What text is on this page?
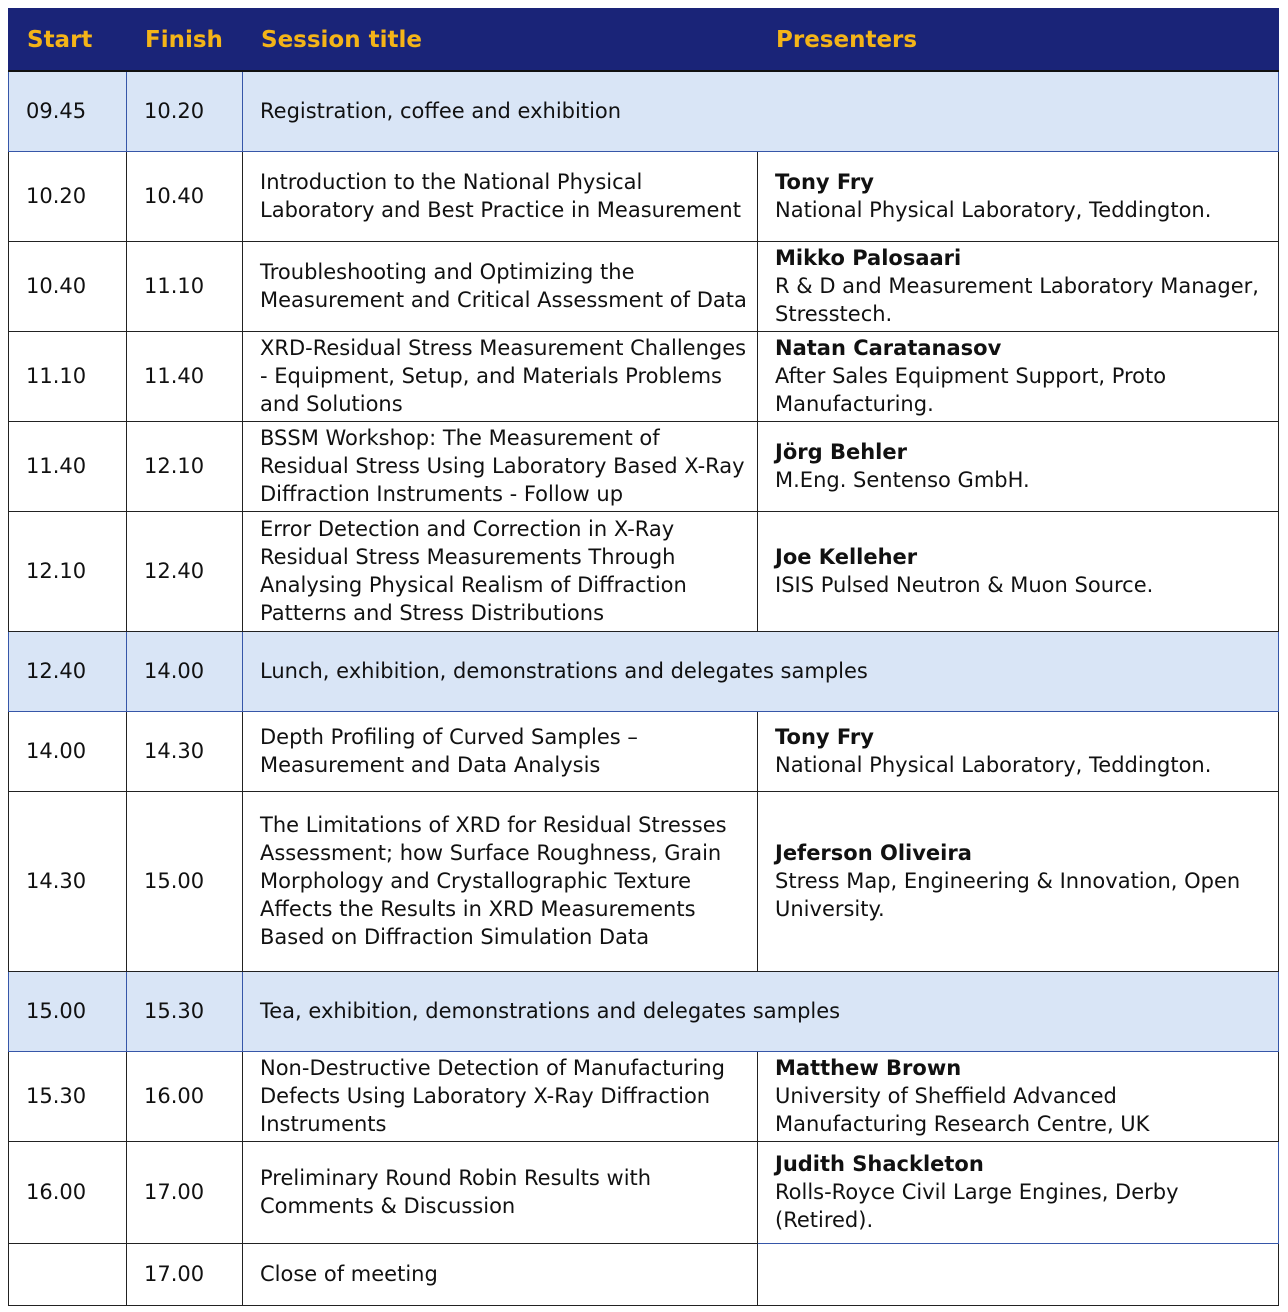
Start	Finish	Session title	Presenters
09.45	10.20	Registration, coffee and exhibition	
10.20	10.40	Introduction to the National Physical Laboratory and Best Practice in Measurement	Tony Fry
National Physical Laboratory, Teddington.

10.40	11.10	Troubleshooting and Optimizing the Measurement and Critical Assessment of Data	Mikko Palosaari
R & D and Measurement Laboratory Manager, Stresstech.

11.10	11.40	XRD-Residual Stress Measurement Challenges - Equipment, Setup, and Materials Problems and Solutions	Natan Caratanasov
After Sales Equipment Support, Proto Manufacturing.

11.40	12.10	BSSM Workshop: The Measurement of Residual Stress Using Laboratory Based X-Ray Diffraction Instruments - Follow up	Jörg Behler
M.Eng. Sentenso GmbH.

12.10	12.40	Error Detection and Correction in X-Ray Residual Stress Measurements Through Analysing Physical Realism of Diffraction Patterns and Stress Distributions	Joe Kelleher
ISIS Pulsed Neutron & Muon Source.

12.40	14.00	Lunch, exhibition, demonstrations and delegates samples	
14.00	14.30	Depth Profiling of Curved Samples – Measurement and Data Analysis	Tony Fry
National Physical Laboratory, Teddington.

14.30	15.00	The Limitations of XRD for Residual Stresses Assessment; how Surface Roughness, Grain Morphology and Crystallographic Texture Affects the Results in XRD Measurements Based on Diffraction Simulation Data	Jeferson Oliveira
Stress Map, Engineering & Innovation, Open University.

15.00	15.30	Tea, exhibition, demonstrations and delegates samples	
15.30	16.00	Non-Destructive Detection of Manufacturing Defects Using Laboratory X-Ray Diffraction Instruments	Matthew Brown
University of Sheffield Advanced Manufacturing Research Centre, UK

16.00	17.00	Preliminary Round Robin Results with Comments & Discussion	Judith Shackleton
Rolls-Royce Civil Large Engines, Derby (Retired).

	17.00	Close of meeting	
